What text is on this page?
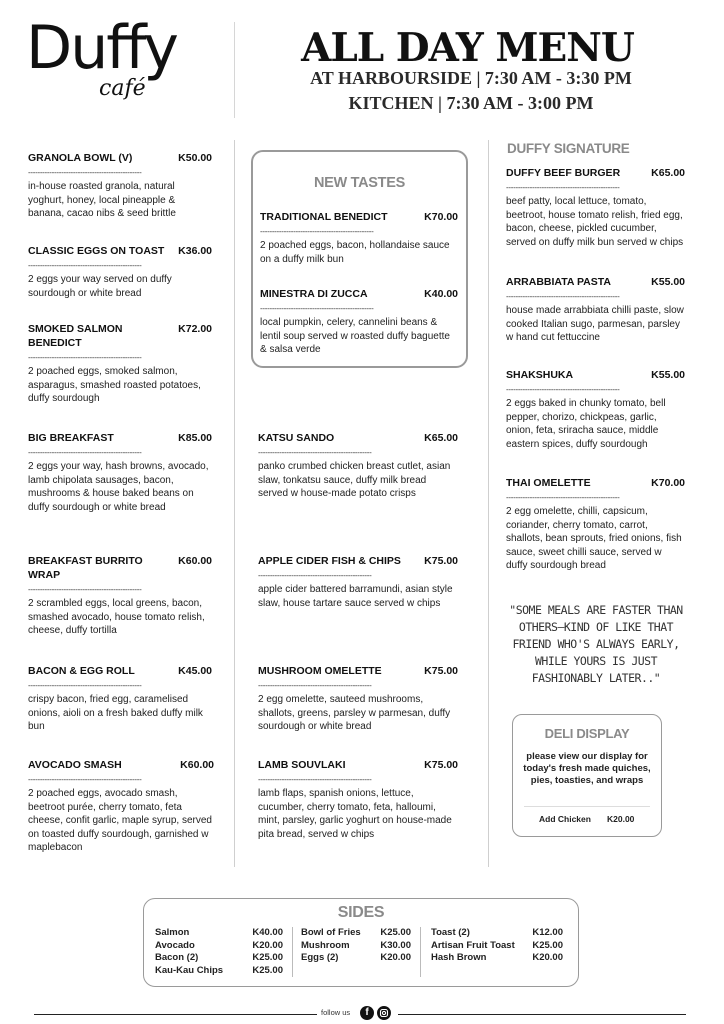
Duffy
café
ALL DAY MENU
AT HARBOURSIDE | 7:30 AM - 3:30 PM
KITCHEN | 7:30 AM - 3:00 PM
GRANOLA BOWL (V)	K50.00
------------------------------------------------
in-house roasted granola, natural yoghurt, honey, local pineapple & banana, cacao nibs & seed brittle
CLASSIC EGGS ON TOAST K36.00
------------------------------------------------
2 eggs your way served on duffy sourdough or white bread
SMOKED SALMON BENEDICT
K72.00
------------------------------------------------
2 poached eggs, smoked salmon, asparagus, smashed roasted potatoes, duffy sourdough
BIG BREAKFAST	K85.00
------------------------------------------------
2 eggs your way, hash browns, avocado, lamb chipolata sausages, bacon, mushrooms & house baked beans on duffy sourdough or white bread
BREAKFAST BURRITO WRAP
K60.00
------------------------------------------------
2 scrambled eggs, local greens, bacon, smashed avocado, house tomato relish, cheese, duffy tortilla
BACON & EGG ROLL	K45.00
------------------------------------------------
crispy bacon, fried egg, caramelised onions, aioli on a fresh baked duffy milk bun
AVOCADO SMASH	K60.00
------------------------------------------------
2 poached eggs, avocado smash, beetroot purée, cherry tomato, feta cheese, confit garlic, maple syrup, served on toasted duffy sourdough, garnished w maplebacon
NEW TASTES
TRADITIONAL BENEDICT	K70.00
------------------------------------------------
2 poached eggs, bacon, hollandaise sauce on a duffy milk bun
MINESTRA DI ZUCCA	K40.00
------------------------------------------------
local pumpkin, celery, cannelini beans & lentil soup served w roasted duffy baguette & salsa verde
KATSU SANDO	K65.00
------------------------------------------------
panko crumbed chicken breast cutlet, asian slaw, tonkatsu sauce, duffy milk bread served w house-made potato crisps
APPLE CIDER FISH & CHIPS K75.00
------------------------------------------------
apple cider battered barramundi, asian style slaw, house tartare sauce served w chips
MUSHROOM OMELETTE	K75.00
------------------------------------------------
2 egg omelette, sauteed mushrooms, shallots, greens, parsley w parmesan, duffy sourdough or white bread
LAMB SOUVLAKI	K75.00
------------------------------------------------
lamb flaps, spanish onions, lettuce, cucumber, cherry tomato, feta, halloumi, mint, parsley, garlic yoghurt on house-made pita bread, served w chips
DUFFY SIGNATURE
DUFFY BEEF BURGER	K65.00
------------------------------------------------
beef patty, local lettuce, tomato, beetroot, house tomato relish, fried egg, bacon, cheese, pickled cucumber, served on duffy milk bun served w chips
ARRABBIATA PASTA	K55.00
------------------------------------------------
house made arrabbiata chilli paste, slow cooked Italian sugo, parmesan, parsley w hand cut fettuccine
SHAKSHUKA	K55.00
------------------------------------------------
2 eggs baked in chunky tomato, bell pepper, chorizo, chickpeas, garlic, onion, feta, sriracha sauce, middle eastern spices, duffy sourdough
THAI OMELETTE	K70.00
------------------------------------------------
2 egg omelette, chilli, capsicum, coriander, cherry tomato, carrot, shallots, bean sprouts, fried onions, fish sauce, sweet chilli sauce, served w duffy sourdough bread
"SOME MEALS ARE FASTER THAN OTHERS—KIND OF LIKE THAT FRIEND WHO'S ALWAYS EARLY, WHILE YOURS IS JUST FASHIONABLY LATER.."
DELI DISPLAY
please view our display for today's fresh made quiches, pies, toasties, and wraps
Add Chicken K20.00
SIDES
Salmon	K40.00
Avocado	K20.00
Bacon (2)	K25.00
Kau-Kau Chips	K25.00
Bowl of Fries K25.00
Mushroom	K30.00
Eggs (2)	K20.00
Toast (2)	K12.00
Artisan Fruit Toast K25.00
Hash Brown	K20.00
follow us	f
